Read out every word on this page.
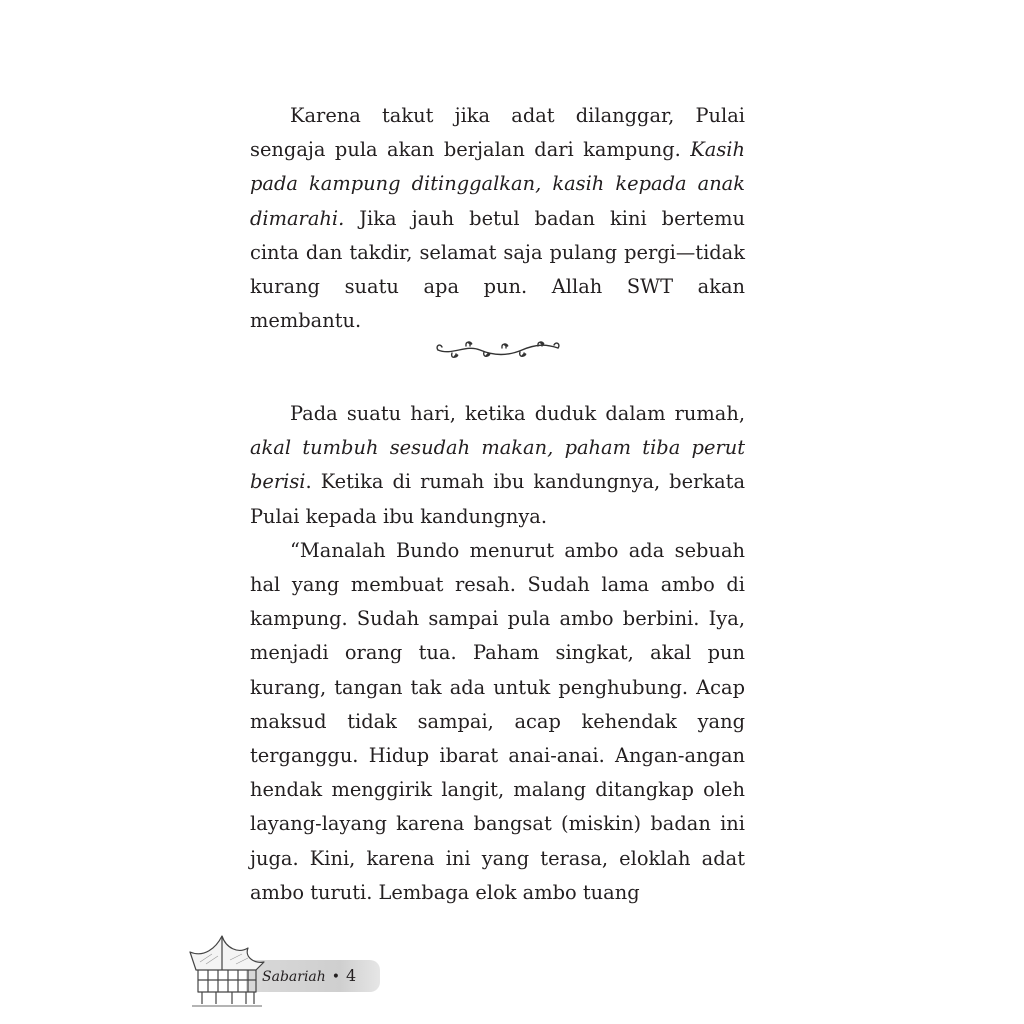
Karena takut jika adat dilanggar, Pulai sengaja pula akan berjalan dari kampung. Kasih pada kampung ditinggalkan, kasih kepada anak dimarahi. Jika jauh betul badan kini bertemu cinta dan takdir, selamat saja pulang pergi—tidak kurang suatu apa pun. Allah SWT akan membantu.

Pada suatu hari, ketika duduk dalam rumah, akal tumbuh sesudah makan, paham tiba perut berisi. Ketika di rumah ibu kandungnya, berkata Pulai kepada ibu kandungnya.

“Manalah Bundo menurut ambo ada sebuah hal yang membuat resah. Sudah lama ambo di kampung. Sudah sampai pula ambo berbini. Iya, menjadi orang tua. Paham singkat, akal pun kurang, tangan tak ada untuk penghubung. Acap maksud tidak sampai, acap kehendak yang terganggu. Hidup ibarat anai-anai. Angan-angan hendak menggirik langit, malang ditangkap oleh layang-layang karena bangsat (miskin) badan ini juga. Kini, karena ini yang terasa, eloklah adat ambo turuti. Lembaga elok ambo tuang

Sabariah • 4
